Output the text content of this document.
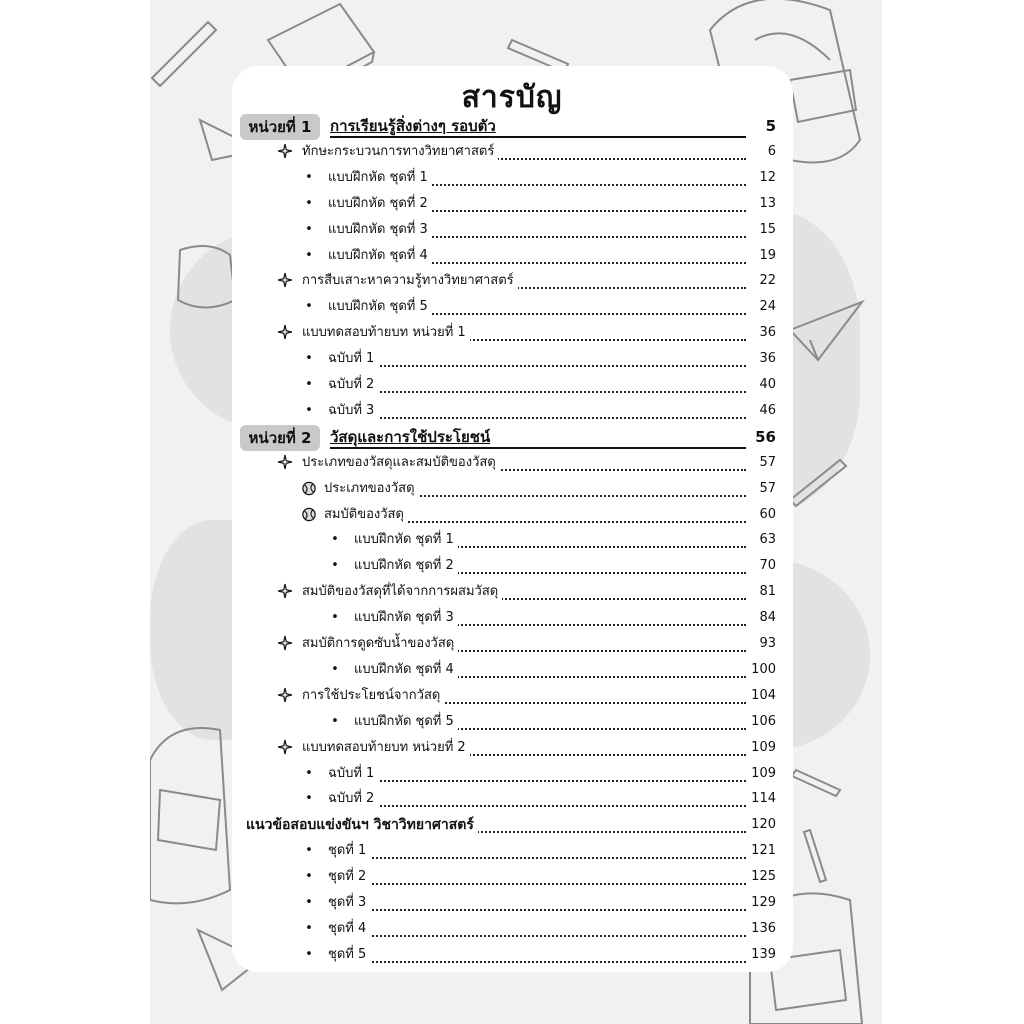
สารบัญ
หน่วยที่ 1	การเรียนรู้สิ่งต่างๆ รอบตัว	5
ทักษะกระบวนการทางวิทยาศาสตร์	6
• แบบฝึกหัด ชุดที่ 1	12
• แบบฝึกหัด ชุดที่ 2	13
• แบบฝึกหัด ชุดที่ 3	15
• แบบฝึกหัด ชุดที่ 4	19
การสืบเสาะหาความรู้ทางวิทยาศาสตร์	22
• แบบฝึกหัด ชุดที่ 5	24
แบบทดสอบท้ายบท หน่วยที่ 1	36
• ฉบับที่ 1	36
• ฉบับที่ 2	40
• ฉบับที่ 3	46
หน่วยที่ 2	วัสดุและการใช้ประโยชน์	56
ประเภทของวัสดุและสมบัติของวัสดุ	57
ประเภทของวัสดุ	57
สมบัติของวัสดุ	60
• แบบฝึกหัด ชุดที่ 1	63
• แบบฝึกหัด ชุดที่ 2	70
สมบัติของวัสดุที่ได้จากการผสมวัสดุ	81
• แบบฝึกหัด ชุดที่ 3	84
สมบัติการดูดซับน้ำของวัสดุ	93
• แบบฝึกหัด ชุดที่ 4	100
การใช้ประโยชน์จากวัสดุ	104
• แบบฝึกหัด ชุดที่ 5	106
แบบทดสอบท้ายบท หน่วยที่ 2	109
• ฉบับที่ 1	109
• ฉบับที่ 2	114
แนวข้อสอบแข่งขันฯ วิชาวิทยาศาสตร์	120
• ชุดที่ 1	121
• ชุดที่ 2	125
• ชุดที่ 3	129
• ชุดที่ 4	136
• ชุดที่ 5	139
